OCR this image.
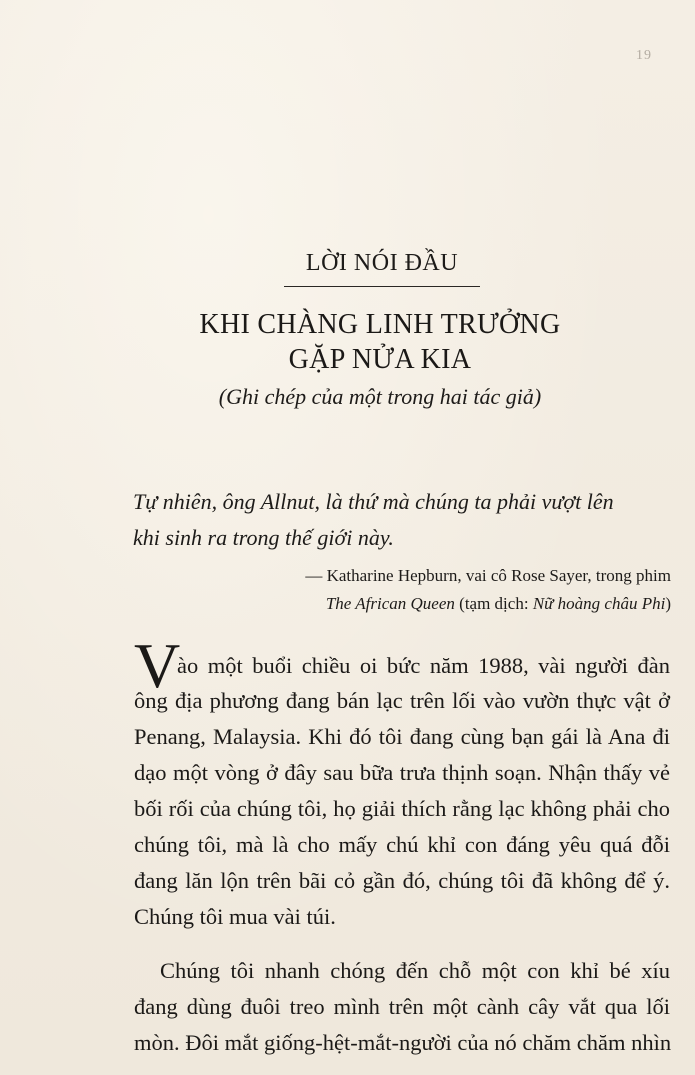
19
LỜI NÓI ĐẦU
KHI CHÀNG LINH TRƯỞNG
GẶP NỬA KIA
(Ghi chép của một trong hai tác giả)
Tự nhiên, ông Allnut, là thứ mà chúng ta phải vượt lên
khi sinh ra trong thế giới này.
— Katharine Hepburn, vai cô Rose Sayer, trong phim
The African Queen (tạm dịch: Nữ hoàng châu Phi)
V
ào một buổi chiều oi bức năm 1988, vài người đàn
ông địa phương đang bán lạc trên lối vào vườn thực vật ở
Penang, Malaysia. Khi đó tôi đang cùng bạn gái là Ana đi
dạo một vòng ở đây sau bữa trưa thịnh soạn. Nhận thấy vẻ
bối rối của chúng tôi, họ giải thích rằng lạc không phải cho
chúng tôi, mà là cho mấy chú khỉ con đáng yêu quá đỗi
đang lăn lộn trên bãi cỏ gần đó, chúng tôi đã không để ý.
Chúng tôi mua vài túi.
Chúng tôi nhanh chóng đến chỗ một con khỉ bé xíu
đang dùng đuôi treo mình trên một cành cây vắt qua lối
mòn. Đôi mắt giống-hệt-mắt-người của nó chăm chăm nhìn
